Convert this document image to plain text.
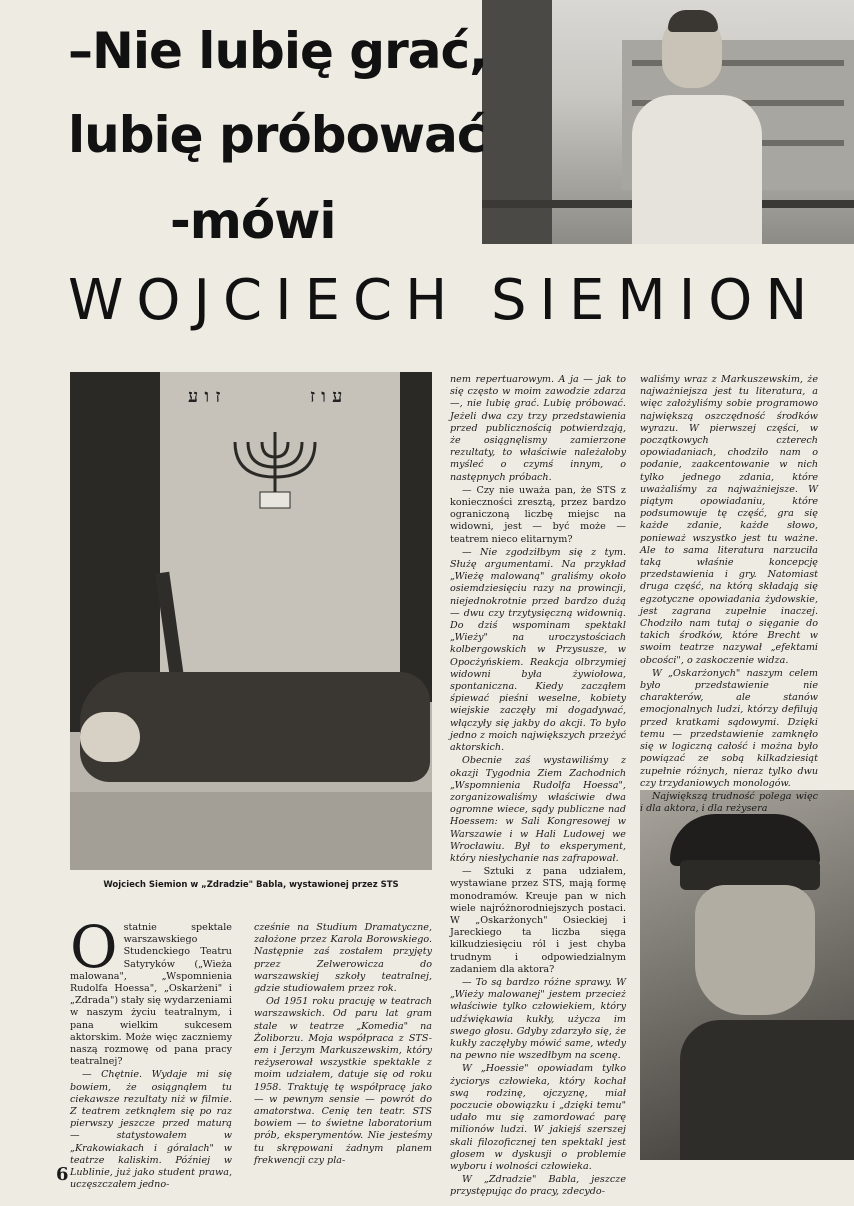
–Nie lubię grać,
lubię próbować
-mówi
WOJCIECH SIEMION
ז ו ע	ע ו ז
Wojciech Siemion w „Zdradzie" Babla, wystawionej przez STS
O statnie spektale warszawskiego Studenckiego Teatru Satyryków („Wieża malowana", „Wspomnienia Rudolfa Hoessa", „Oskarżeni" i „Zdrada") stały się wydarzeniami w naszym życiu teatralnym, i pana wielkim sukcesem aktorskim. Może więc zaczniemy naszą rozmowę od pana pracy teatralnej?

— Chętnie. Wydaje mi się bowiem, że osiągnąłem tu ciekawsze rezultaty niż w filmie. Z teatrem zetknąłem się po raz pierwszy jeszcze przed maturą — statystowałem w „Krakowiakach i góralach" w teatrze kaliskim. Później w Lublinie, już jako student prawa, uczęszczałem jedno-

cześnie na Studium Dramatyczne, założone przez Karola Borowskiego. Następnie zaś zostałem przyjęty przez Zelwerowicza do warszawskiej szkoły teatralnej, gdzie studiowałem przez rok.

Od 1951 roku pracuję w teatrach warszawskich. Od paru lat gram stale w teatrze „Komedia" na Żoliborzu. Moja współpraca z STS-em i Jerzym Markuszewskim, który reżyserował wszystkie spektakle z moim udziałem, datuje się od roku 1958. Traktuję tę współpracę jako — w pewnym sensie — powrót do amatorstwa. Cenię ten teatr. STS bowiem — to świetne laboratorium prób, eksperymentów. Nie jesteśmy tu skrępowani żadnym planem frekwencji czy pla-

nem repertuarowym. A ja — jak to się często w moim zawodzie zdarza —, nie lubię grać. Lubię próbować. Jeżeli dwa czy trzy przedstawienia przed publicznością potwierdzają, że osiągnęlismy zamierzone rezultaty, to właściwie należałoby myśleć o czymś innym, o następnych próbach.

— Czy nie uważa pan, że STS z konieczności zresztą, przez bardzo ograniczoną liczbę miejsc na widowni, jest — być może — teatrem nieco elitarnym?

— Nie zgodziłbym się z tym. Służę argumentami. Na przykład „Wieżę malowaną" graliśmy około osiemdziesięciu razy na prowincji, niejednokrotnie przed bardzo dużą — dwu czy trzytysięczną widownią. Do dziś wspominam spektakl „Wieży" na uroczystościach kolbergowskich w Przysusze, w Opocżyńskiem. Reakcja olbrzymiej widowni była żywiołowa, spontaniczna. Kiedy zacząłem śpiewać pieśni weselne, kobiety wiejskie zaczęły mi dogadywać, włączyły się jakby do akcji. To było jedno z moich największych przeżyć aktorskich.

Obecnie zaś wystawiliśmy z okazji Tygodnia Ziem Zachodnich „Wspomnienia Rudolfa Hoessa", zorganizowaliśmy właściwie dwa ogromne wiece, sądy publiczne nad Hoessem: w Sali Kongresowej w Warszawie i w Hali Ludowej we Wrocławiu. Był to eksperyment, który niesłychanie nas zafrapował.

— Sztuki z pana udziałem, wystawiane przez STS, mają formę monodramów. Kreuje pan w nich wiele najróżnorodniejszych postaci. W „Oskarżonych" Osieckiej i Jareckiego ta liczba sięga kilkudziesięciu ról i jest chyba trudnym i odpowiedzialnym zadaniem dla aktora?

— To są bardzo różne sprawy. W „Wieży malowanej" jestem przecież właściwie tylko człowiekiem, który udźwiękawia kukły, użycza im swego głosu. Gdyby zdarzyło się, że kukły zaczęłyby mówić same, wtedy na pewno nie wszedłbym na scenę.

W „Hoessie" opowiadam tylko życiorys człowieka, który kochał swą rodzinę, ojczyznę, miał poczucie obowiązku i „dzięki temu" udało mu się zamordować parę milionów ludzi. W jakiejś szerszej skali filozoficznej ten spektakl jest głosem w dyskusji o problemie wyboru i wolności człowieka.

W „Zdradzie" Babla, jeszcze przystępując do pracy, zdecydo-

waliśmy wraz z Markuszewskim, że najważniejsza jest tu literatura, a więc założyliśmy sobie programowo największą oszczędność środków wyrazu. W pierwszej części, w początkowych czterech opowiadaniach, chodziło nam o podanie, zaakcentowanie w nich tylko jednego zdania, które uważaliśmy za najważniejsze. W piątym opowiadaniu, które podsumowuje tę część, gra się każde zdanie, każde słowo, ponieważ wszystko jest tu ważne. Ale to sama literatura narzuciła taką właśnie koncepcję przedstawienia i gry. Natomiast druga część, na którą składają się egzotyczne opowiadania żydowskie, jest zagrana zupełnie inaczej. Chodziło nam tutaj o sięganie do takich środków, które Brecht w swoim teatrze nazywał „efektami obcości", o zaskoczenie widza.

W „Oskarżonych" naszym celem było przedstawienie nie charakterów, ale stanów emocjonalnych ludzi, którzy defilują przed kratkami sądowymi. Dzięki temu — przedstawienie zamknęło się w logiczną całość i można było powiązać ze sobą kilkadziesiąt zupełnie różnych, nieraz tylko dwu czy trzydaniowych monologów.

Największą trudność polega więc i dla aktora, i dla reżysera

6
